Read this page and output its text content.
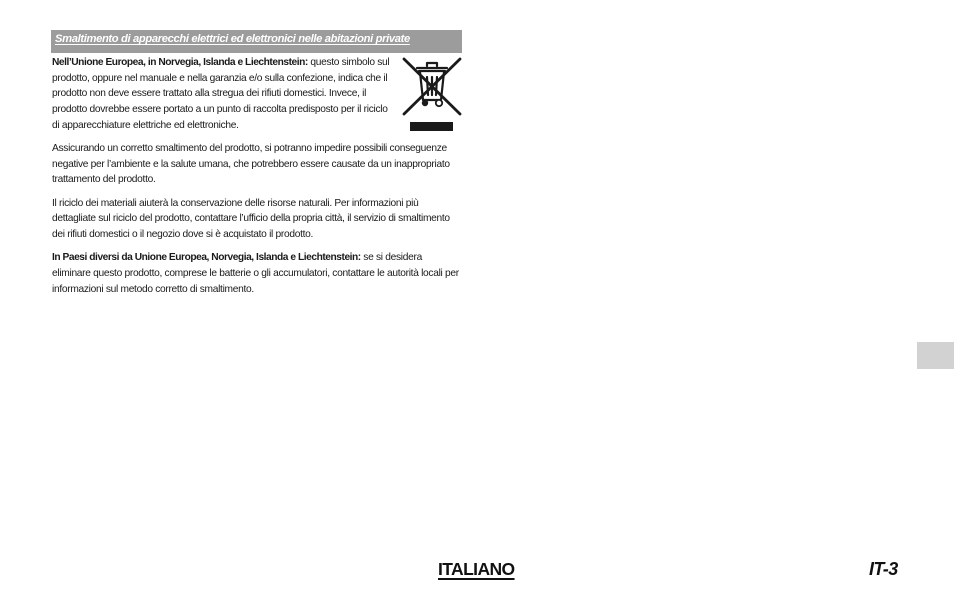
Smaltimento di apparecchi elettrici ed elettronici nelle abitazioni private

Nell’Unione Europea, in Norvegia, Islanda e Liechtenstein: questo simbolo sul prodotto, oppure nel manuale e nella garanzia e/o sulla confezione, indica che il prodotto non deve essere trattato alla stregua dei rifiuti domestici. Invece, il prodotto dovrebbe essere portato a un punto di raccolta predisposto per il riciclo di apparecchiature elettriche ed elettroniche.

Assicurando un corretto smaltimento del prodotto, si potranno impedire possibili conseguenze negative per l’ambiente e la salute umana, che potrebbero essere causate da un inappropriato trattamento del prodotto.

Il riciclo dei materiali aiuterà la conservazione delle risorse naturali. Per informazioni più dettagliate sul riciclo del prodotto, contattare l’ufficio della propria città, il servizio di smaltimento dei rifiuti domestici o il negozio dove si è acquistato il prodotto.

In Paesi diversi da Unione Europea, Norvegia, Islanda e Liechtenstein: se si desidera eliminare questo prodotto, comprese le batterie o gli accumulatori, contattare le autorità locali per informazioni sul metodo corretto di smaltimento.

ITALIANO	IT-3
